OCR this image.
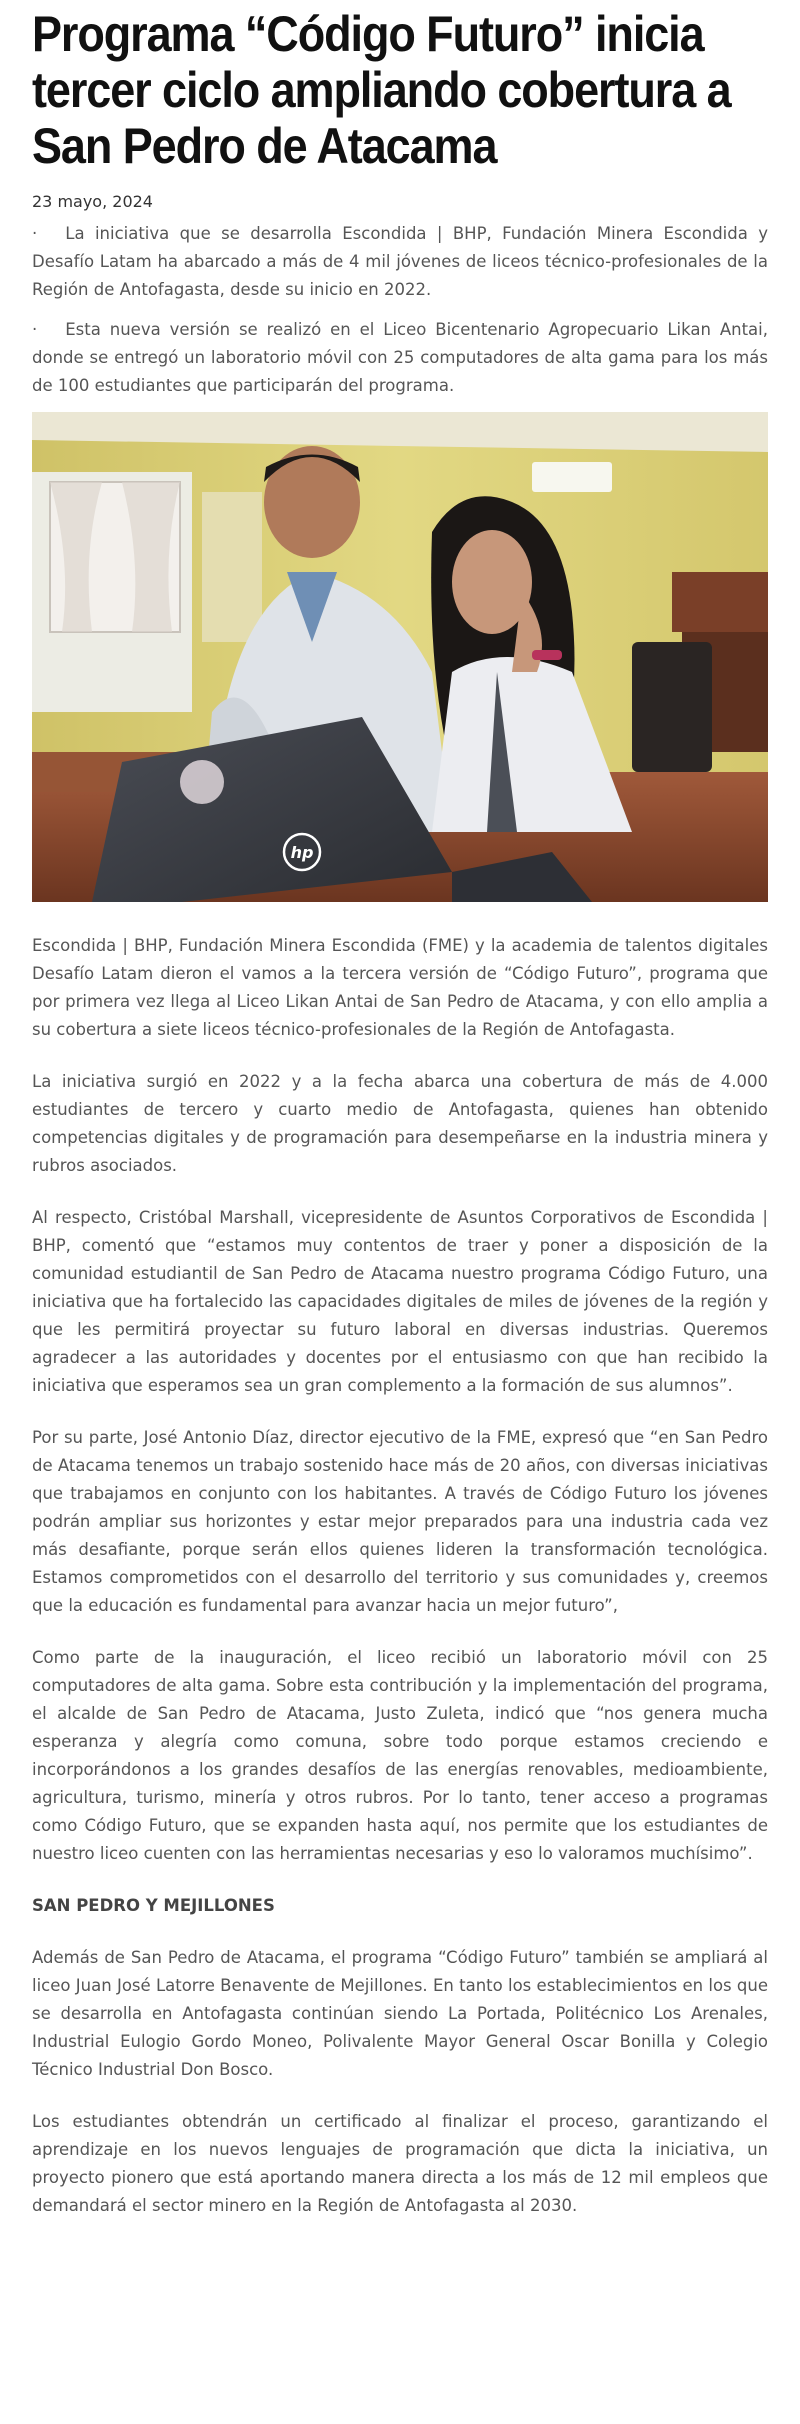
Programa “Código Futuro” inicia tercer ciclo ampliando cobertura a San Pedro de Atacama
23 mayo, 2024

· La iniciativa que se desarrolla Escondida | BHP, Fundación Minera Escondida y Desafío Latam ha abarcado a más de 4 mil jóvenes de liceos técnico-profesionales de la Región de Antofagasta, desde su inicio en 2022.

· Esta nueva versión se realizó en el Liceo Bicentenario Agropecuario Likan Antai, donde se entregó un laboratorio móvil con 25 computadores de alta gama para los más de 100 estudiantes que participarán del programa.

hp

Escondida | BHP, Fundación Minera Escondida (FME) y la academia de talentos digitales Desafío Latam dieron el vamos a la tercera versión de “Código Futuro”, programa que por primera vez llega al Liceo Likan Antai de San Pedro de Atacama, y con ello amplia a su cobertura a siete liceos técnico-profesionales de la Región de Antofagasta.

La iniciativa surgió en 2022 y a la fecha abarca una cobertura de más de 4.000 estudiantes de tercero y cuarto medio de Antofagasta, quienes han obtenido competencias digitales y de programación para desempeñarse en la industria minera y rubros asociados.

Al respecto, Cristóbal Marshall, vicepresidente de Asuntos Corporativos de Escondida | BHP, comentó que “estamos muy contentos de traer y poner a disposición de la comunidad estudiantil de San Pedro de Atacama nuestro programa Código Futuro, una iniciativa que ha fortalecido las capacidades digitales de miles de jóvenes de la región y que les permitirá proyectar su futuro laboral en diversas industrias. Queremos agradecer a las autoridades y docentes por el entusiasmo con que han recibido la iniciativa que esperamos sea un gran complemento a la formación de sus alumnos”.

Por su parte, José Antonio Díaz, director ejecutivo de la FME, expresó que “en San Pedro de Atacama tenemos un trabajo sostenido hace más de 20 años, con diversas iniciativas que trabajamos en conjunto con los habitantes. A través de Código Futuro los jóvenes podrán ampliar sus horizontes y estar mejor preparados para una industria cada vez más desafiante, porque serán ellos quienes lideren la transformación tecnológica. Estamos comprometidos con el desarrollo del territorio y sus comunidades y, creemos que la educación es fundamental para avanzar hacia un mejor futuro”,

Como parte de la inauguración, el liceo recibió un laboratorio móvil con 25 computadores de alta gama. Sobre esta contribución y la implementación del programa, el alcalde de San Pedro de Atacama, Justo Zuleta, indicó que “nos genera mucha esperanza y alegría como comuna, sobre todo porque estamos creciendo e incorporándonos a los grandes desafíos de las energías renovables, medioambiente, agricultura, turismo, minería y otros rubros. Por lo tanto, tener acceso a programas como Código Futuro, que se expanden hasta aquí, nos permite que los estudiantes de nuestro liceo cuenten con las herramientas necesarias y eso lo valoramos muchísimo”.

SAN PEDRO Y MEJILLONES

Además de San Pedro de Atacama, el programa “Código Futuro” también se ampliará al liceo Juan José Latorre Benavente de Mejillones. En tanto los establecimientos en los que se desarrolla en Antofagasta continúan siendo La Portada, Politécnico Los Arenales, Industrial Eulogio Gordo Moneo, Polivalente Mayor General Oscar Bonilla y Colegio Técnico Industrial Don Bosco.

Los estudiantes obtendrán un certificado al finalizar el proceso, garantizando el aprendizaje en los nuevos lenguajes de programación que dicta la iniciativa, un proyecto pionero que está aportando manera directa a los más de 12 mil empleos que demandará el sector minero en la Región de Antofagasta al 2030.
